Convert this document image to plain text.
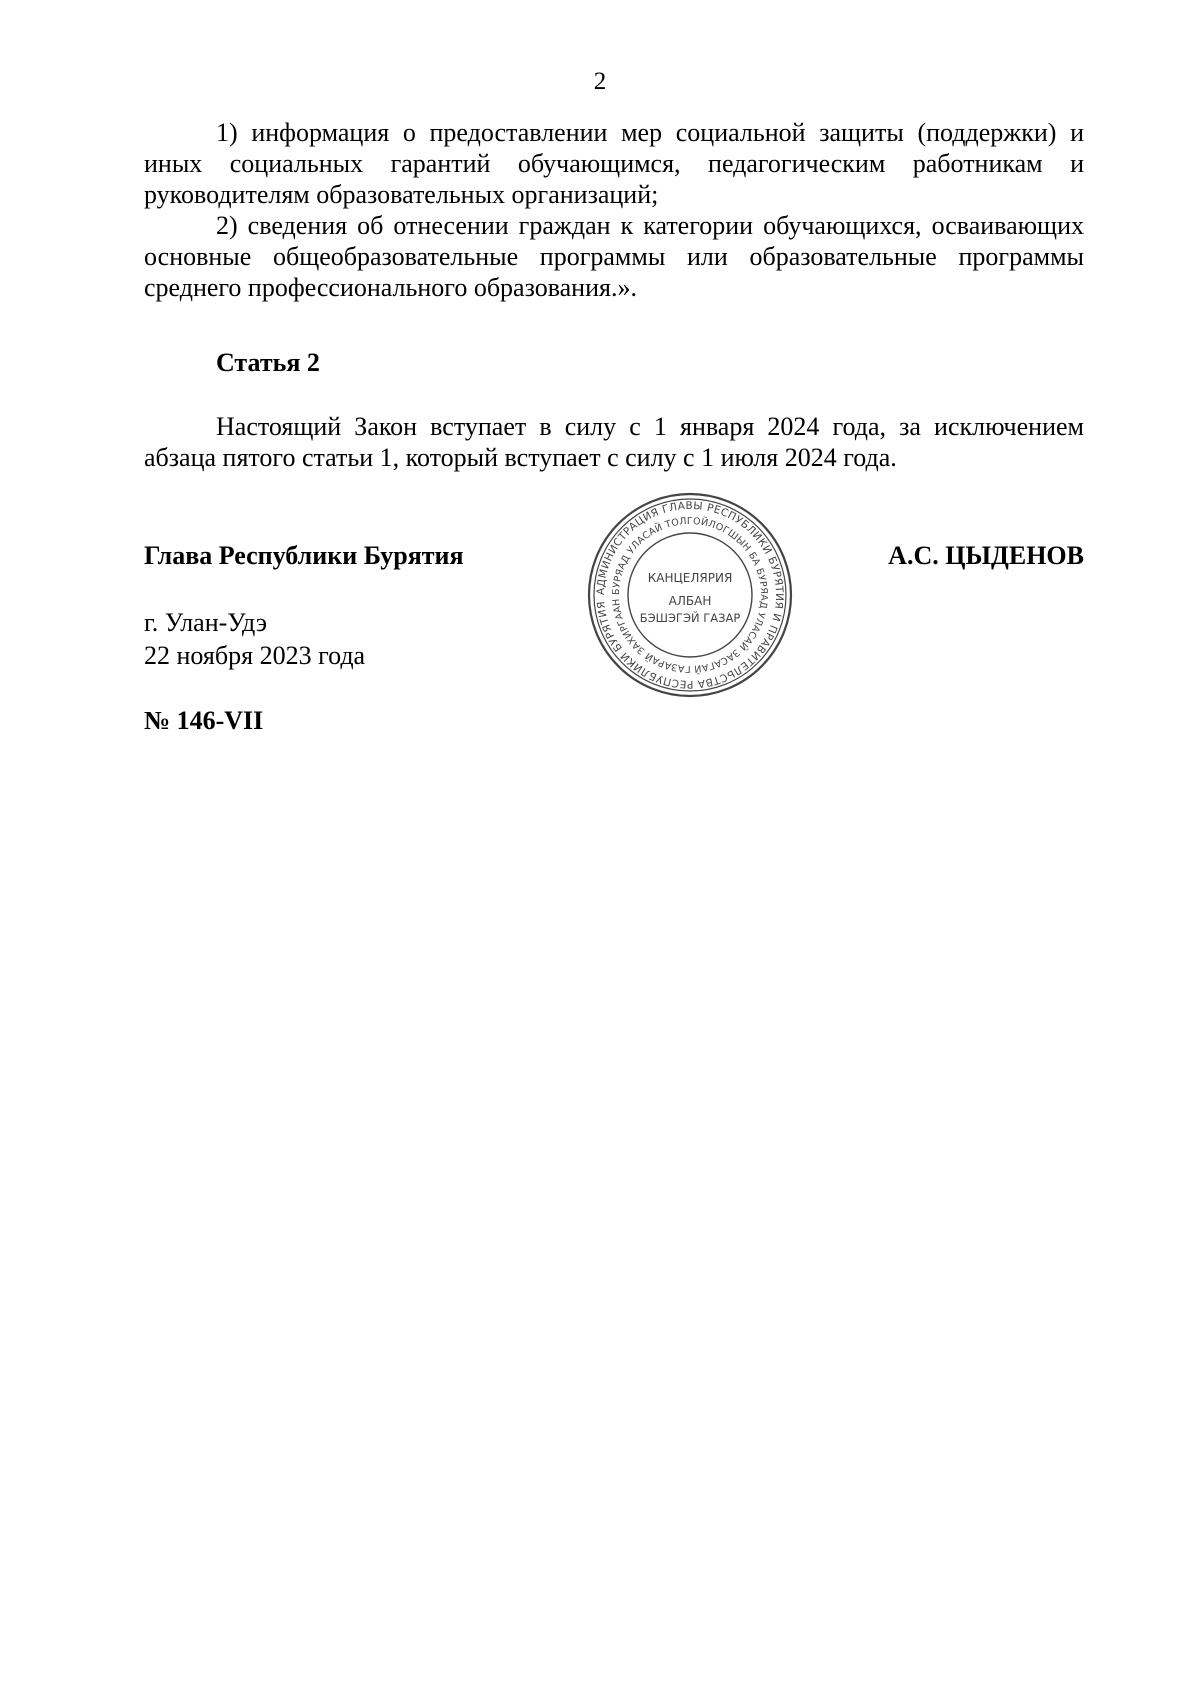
2

1) информация о предоставлении мер социальной защиты (поддержки) и иных социальных гарантий обучающимся, педагогическим работникам и руководителям образовательных организаций;

2) сведения об отнесении граждан к категории обучающихся, осваивающих основные общеобразовательные программы или образовательные программы среднего профессионального образования.».

Статья 2

Настоящий Закон вступает в силу с 1 января 2024 года, за исключением абзаца пятого статьи 1, который вступает с силу с 1 июля 2024 года.

Глава Республики Бурятия
АДМИНИСТРАЦИЯ ГЛАВЫ РЕСПУБЛИКИ БУРЯТИЯ И ПРАВИТЕЛЬСТВА РЕСПУБЛИКИ БУРЯТИЯ
БУРЯАД УЛАСАЙ ТОЛГОЙЛОГШЫН БА БУРЯАД УЛАСАЙ ЗАСАГАЙ ГАЗАРАЙ ЗАХИРГААН
КАНЦЕЛЯРИЯ
АЛБАН
БЭШЭГЭЙ ГАЗАР
А.С. ЦЫДЕНОВ
г. Улан-Удэ
22 ноября 2023 года
№ 146-VII
